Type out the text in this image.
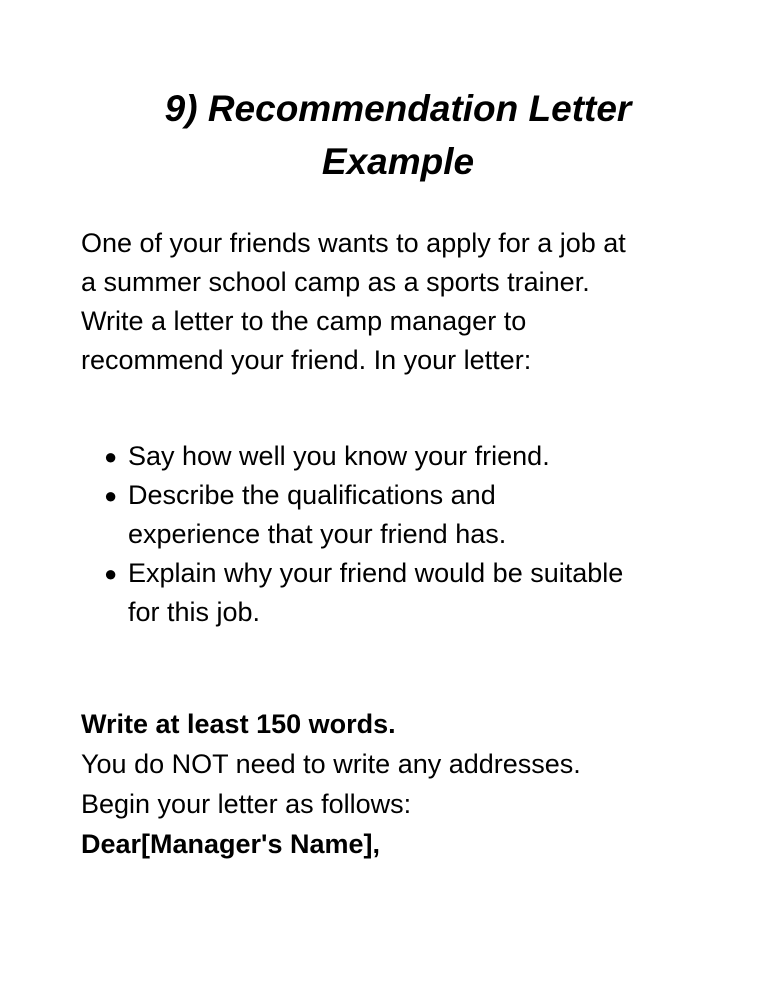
9) Recommendation Letter
Example
One of your friends wants to apply for a job at
a summer school camp as a sports trainer.
Write a letter to the camp manager to
recommend your friend. In your letter:
● Say how well you know your friend.
● Describe the qualifications and
experience that your friend has.
● Explain why your friend would be suitable
for this job.
Write at least 150 words.
You do NOT need to write any addresses.
Begin your letter as follows:
Dear[Manager's Name],
